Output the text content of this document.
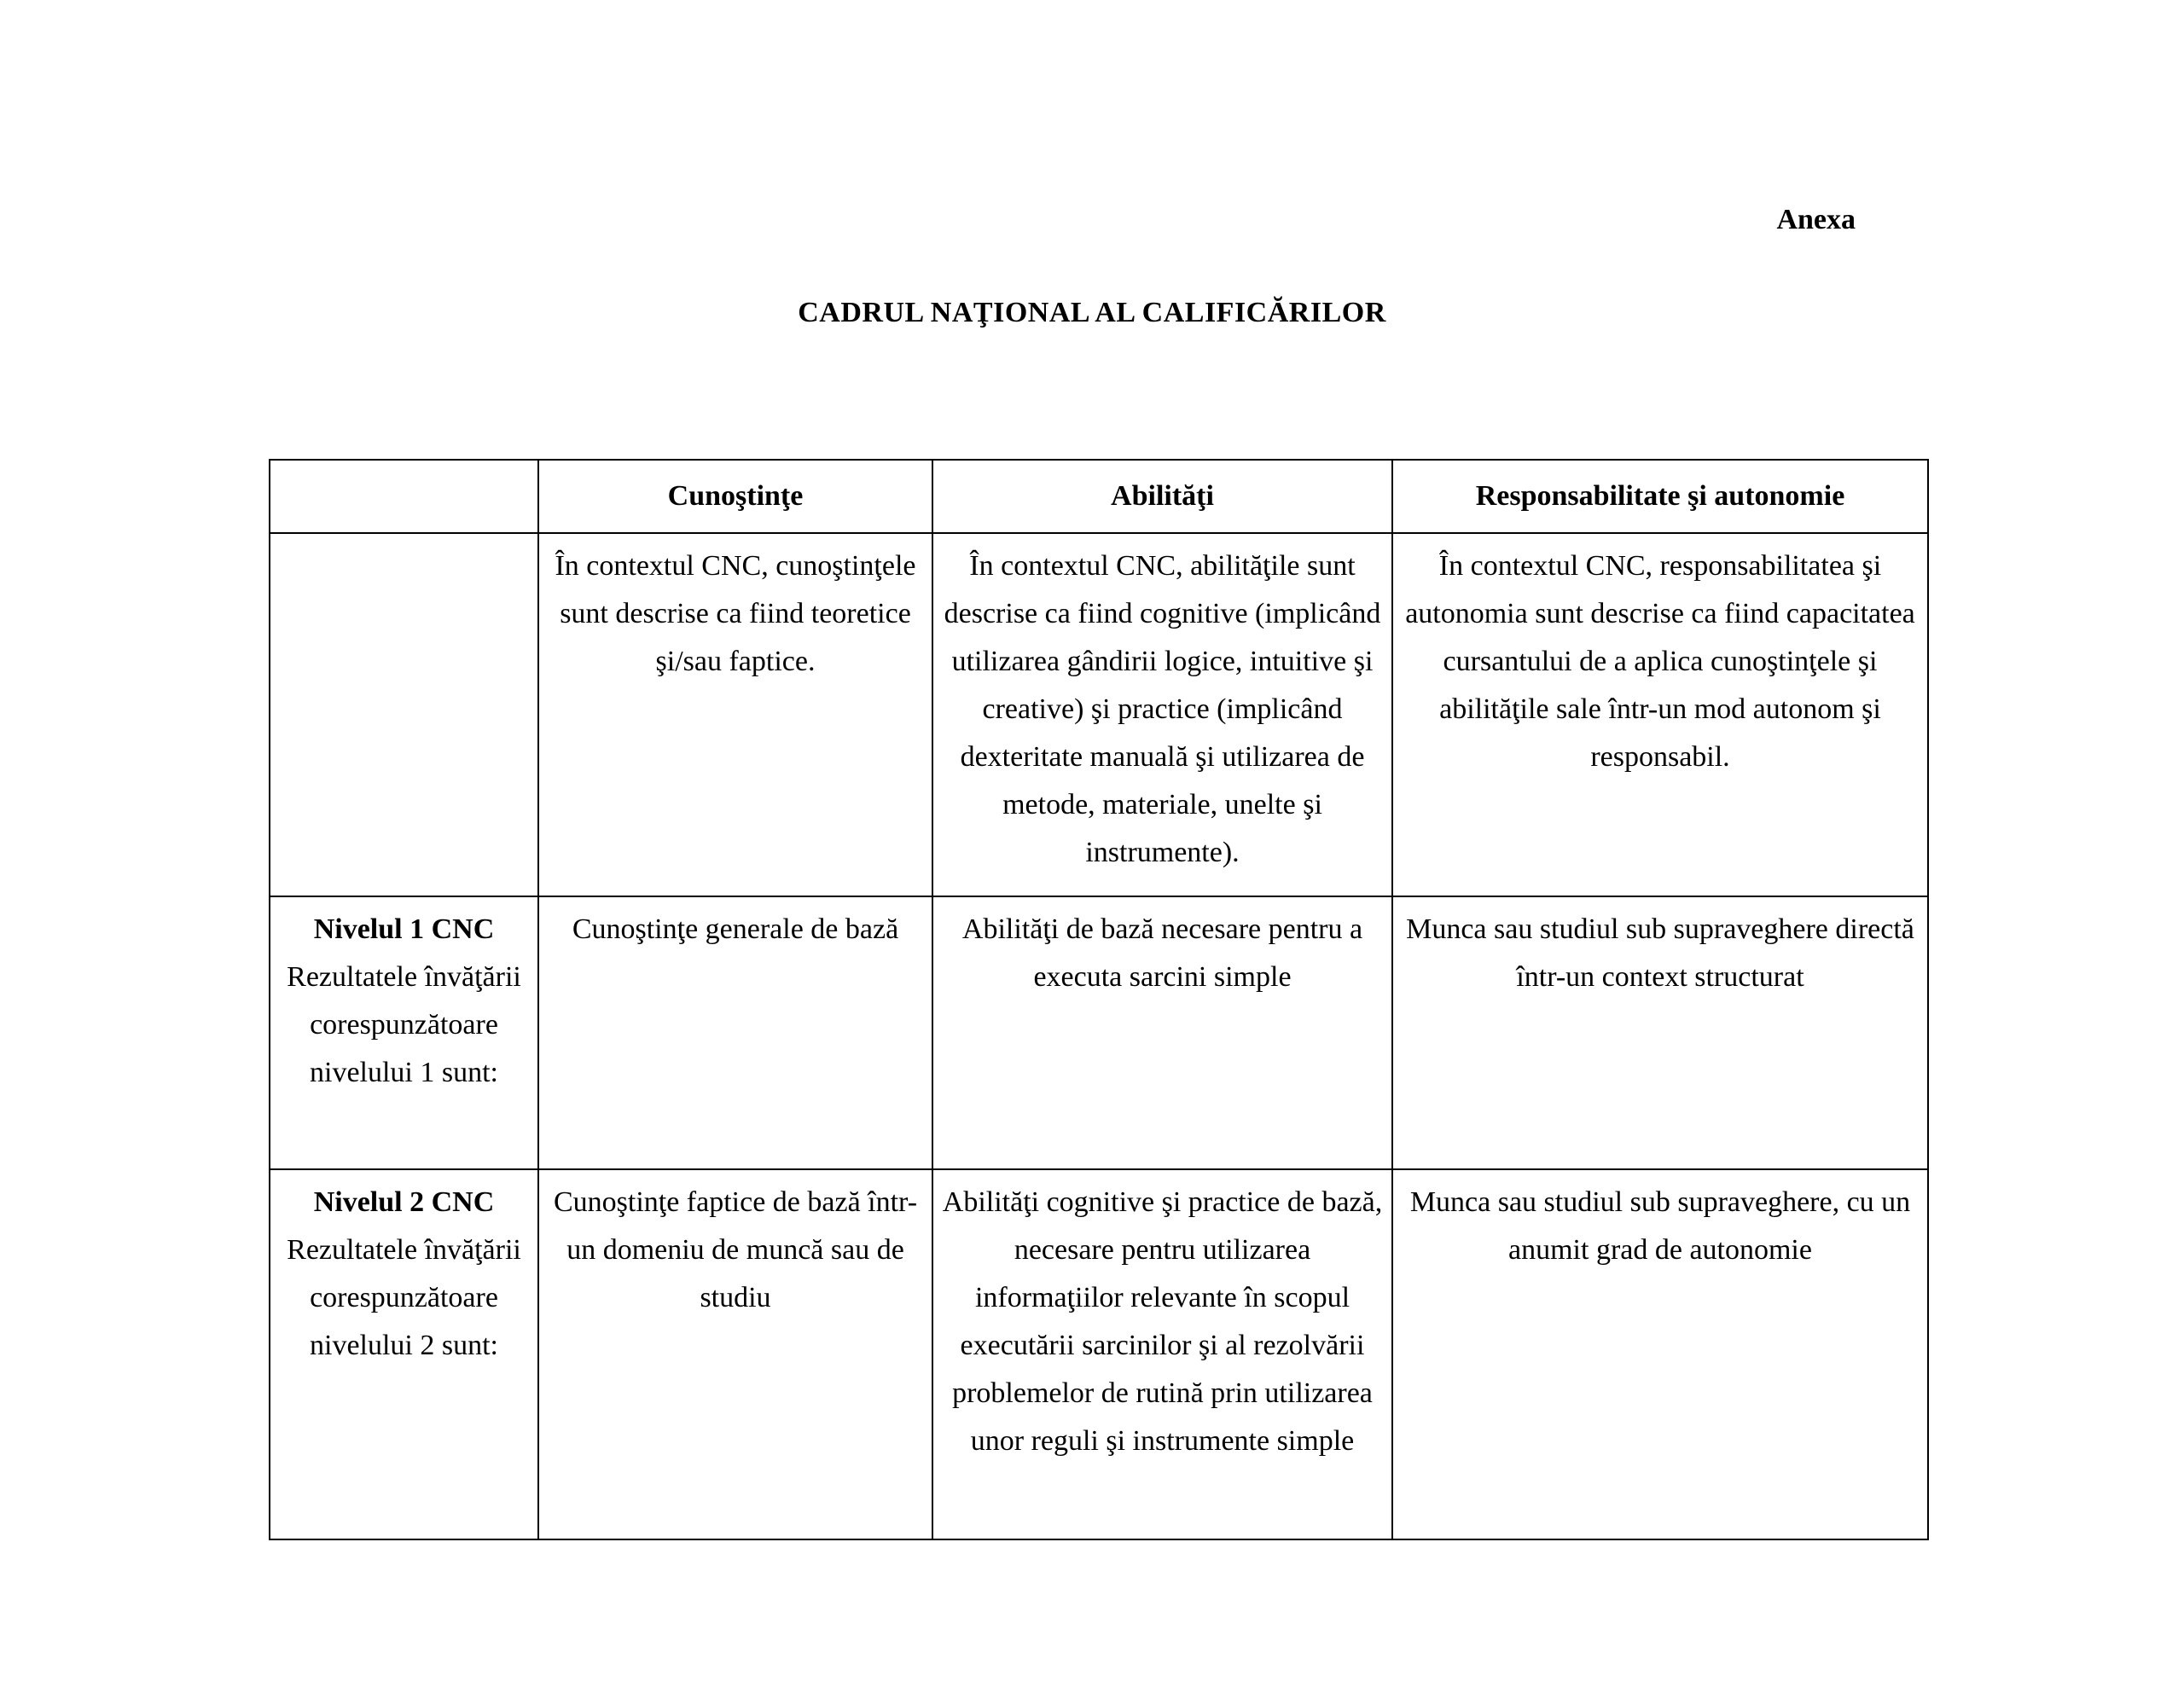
Anexa
CADRUL NAŢIONAL AL CALIFICĂRILOR
	Cunoştinţe	Abilităţi	Responsabilitate şi autonomie
	În contextul CNC, cunoştinţele sunt descrise ca fiind teoretice şi/sau faptice.	În contextul CNC, abilităţile sunt descrise ca fiind cognitive (implicând utilizarea gândirii logice, intuitive şi creative) şi practice (implicând dexteritate manuală şi utilizarea de metode, materiale, unelte şi instrumente).	În contextul CNC, responsabilitatea şi autonomia sunt descrise ca fiind capacitatea cursantului de a aplica cunoştinţele şi abilităţile sale într-un mod autonom şi responsabil.

Nivelul 1 CNC
Rezultatele învăţării corespunzătoare nivelului 1 sunt:	Cunoştinţe generale de bază	Abilităţi de bază necesare pentru a executa sarcini simple	Munca sau studiul sub supraveghere directă într-un context structurat

Nivelul 2 CNC
Rezultatele învăţării corespunzătoare nivelului 2 sunt:	Cunoştinţe faptice de bază într-un domeniu de muncă sau de studiu	Abilităţi cognitive şi practice de bază, necesare pentru utilizarea informaţiilor relevante în scopul executării sarcinilor şi al rezolvării problemelor de rutină prin utilizarea unor reguli şi instrumente simple	Munca sau studiul sub supraveghere, cu un anumit grad de autonomie
